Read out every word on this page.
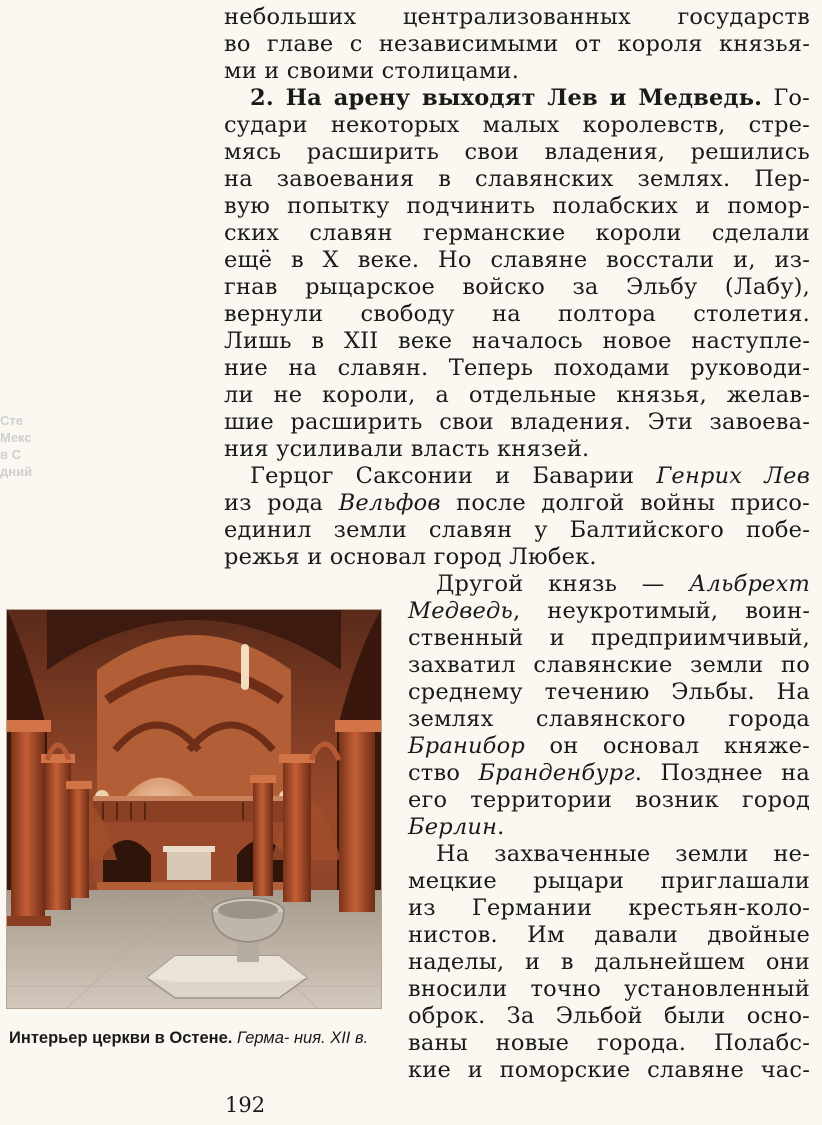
Сте
Мекс
в С
дний

небольших централизованных государств

во главе с независимыми от короля князья-

ми и своими столицами.

2. На арену выходят Лев и Медведь. Го-

судари некоторых малых королевств, стре-

мясь расширить свои владения, решились

на завоевания в славянских землях. Пер-

вую попытку подчинить полабских и помор-

ских славян германские короли сделали

ещё в X веке. Но славяне восстали и, из-

гнав рыцарское войско за Эльбу (Лабу),

вернули свободу на полтора столетия.

Лишь в XII веке началось новое наступле-

ние на славян. Теперь походами руководи-

ли не короли, а отдельные князья, желав-

шие расширить свои владения. Эти завоева-

ния усиливали власть князей.

Герцог Саксонии и Баварии Генрих Лев

из рода Вельфов после долгой войны присо-

единил земли славян у Балтийского побе-

режья и основал город Любек.

Другой князь — Альбрехт

Медведь, неукротимый, воин-

ственный и предприимчивый,

захватил славянские земли по

среднему течению Эльбы. На

землях славянского города

Бранибор он основал княже-

ство Бранденбург. Позднее на

его территории возник город

Берлин.

На захваченные земли не-

мецкие рыцари приглашали

из Германии крестьян-коло-

нистов. Им давали двойные

наделы, и в дальнейшем они

вносили точно установленный

оброк. За Эльбой были осно-

ваны новые города. Полабс-

кие и поморские славяне час-

Интерьер церкви в Остене. Герма- ния. XII в.
192
